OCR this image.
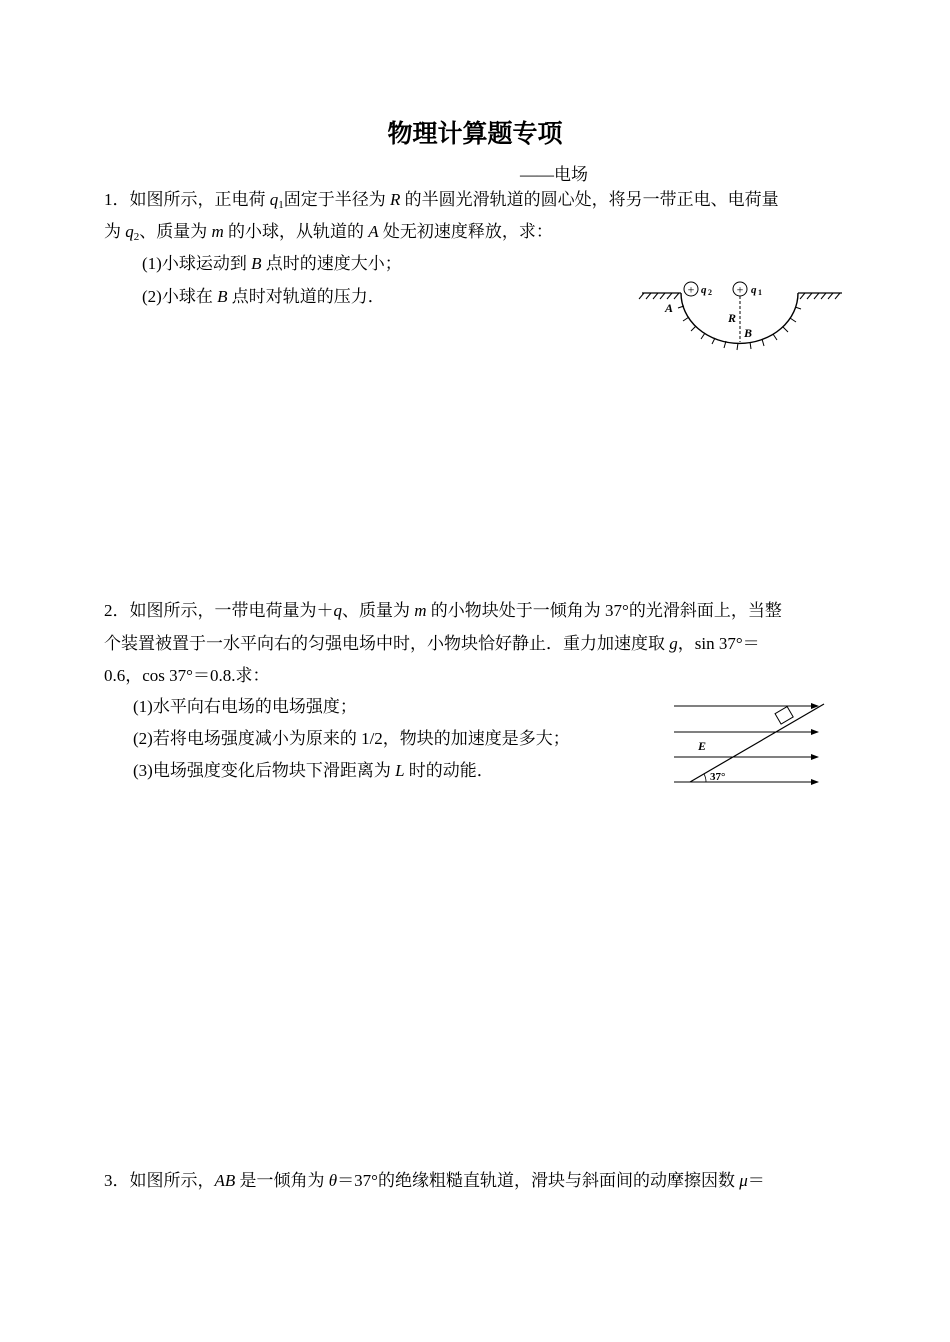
物理计算题专项
——电场
1．如图所示，正电荷 $q_1$固定于半径为 R 的半圆光滑轨道的圆心处，将另一带正电、电荷量
为 $q_2$、质量为 m 的小球，从轨道的 A 处无初速度释放，求：
(1)小球运动到 B 点时的速度大小；
(2)小球在 B 点时对轨道的压力．	+ q 2 + q 1
A
R
B
2．如图所示，一带电荷量为＋q、质量为 m 的小物块处于一倾角为 37°的光滑斜面上，当整
个装置被置于一水平向右的匀强电场中时，小物块恰好静止．重力加速度取 g，sin 37°＝
0.6，cos 37°＝0.8.求：
(1)水平向右电场的电场强度；
(2)若将电场强度减小为原来的 1/2，物块的加速度是多大；
(3)电场强度变化后物块下滑距离为 L 时的动能．	37°
E
3．如图所示，AB 是一倾角为 θ＝37°的绝缘粗糙直轨道，滑块与斜面间的动摩擦因数 μ＝
